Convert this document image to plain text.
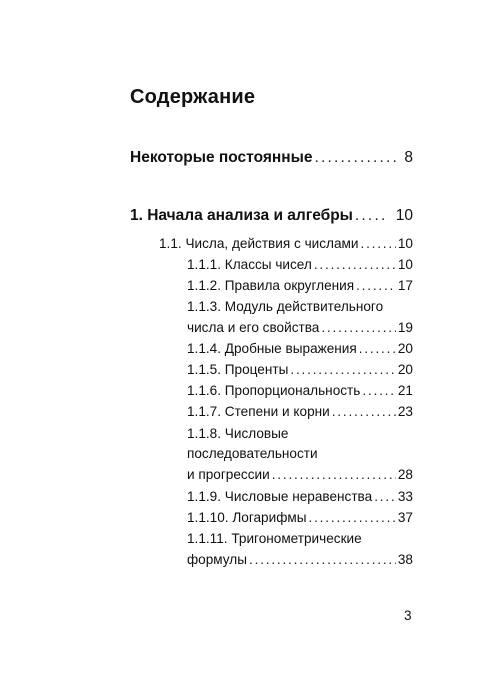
Содержание
Некоторые постоянные .....	8
1. Начала анализа и алгебры .....	10
1.1. Числа, действия с числами .....	10
1.1.1. Классы чисел .....	10
1.1.2. Правила округления .....	17
1.1.3. Модуль действительного
числа и его свойства .....	19
1.1.4. Дробные выражения .....	20
1.1.5. Проценты .....	20
1.1.6. Пропорциональность .....	21
1.1.7. Степени и корни .....	23
1.1.8. Числовые
последовательности
и прогрессии .....	28
1.1.9. Числовые неравенства ..... 33
1.1.10. Логарифмы .....	37
1.1.11. Тригонометрические
формулы .....	38
3
